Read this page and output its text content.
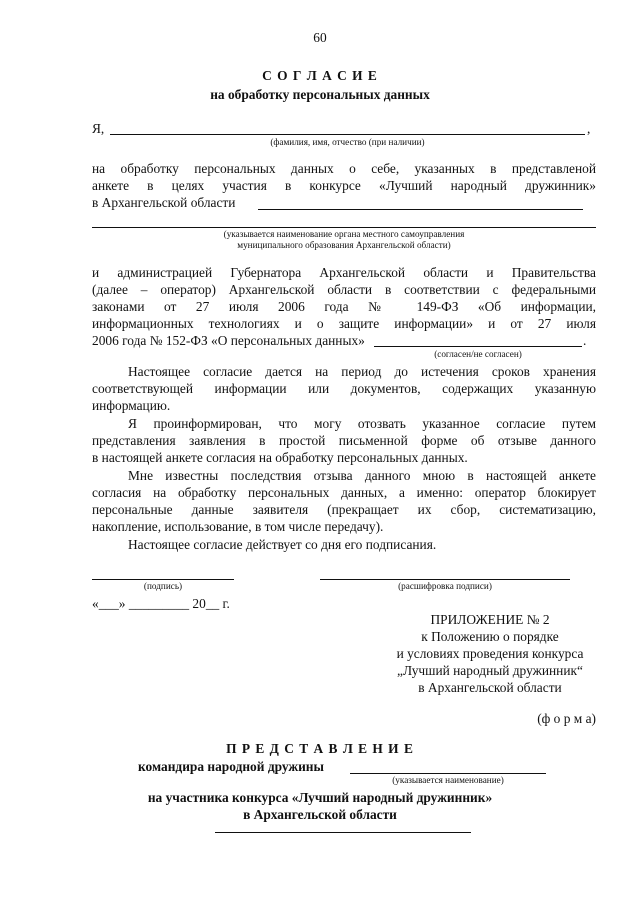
60
С О Г Л А С И Е
на обработку персональных данных
Я,	,
(фамилия, имя, отчество (при наличии)
на обработку персональных данных о себе, указанных в представленой
анкете в целях участия в конкурсе «Лучший народный дружинник»
в Архангельской области
(указывается наименование органа местного самоуправления
муниципального образования Архангельской области)
и администрацией Губернатора Архангельской области и Правительства
(далее – оператор) Архангельской области в соответствии с федеральными
законами от 27 июля 2006 года № 149-ФЗ «Об информации,
информационных технологиях и о защите информации» и от 27 июля
2006 года № 152-ФЗ «О персональных данных»	.
(согласен/не согласен)
Настоящее согласие дается на период до истечения сроков хранения
соответствующей информации или документов, содержащих указанную
информацию.
Я проинформирован, что могу отозвать указанное согласие путем
представления заявления в простой письменной форме об отзыве данного
в настоящей анкете согласия на обработку персональных данных.
Мне известны последствия отзыва данного мною в настоящей анкете
согласия на обработку персональных данных, а именно: оператор блокирует
персональные данные заявителя (прекращает их сбор, систематизацию,
накопление, использование, в том числе передачу).
Настоящее согласие действует со дня его подписания.
(подпись)	(расшифровка подписи)
«___» _________ 20__ г.
ПРИЛОЖЕНИЕ № 2
к Положению о порядке
и условиях проведения конкурса
„Лучший народный дружинник“
в Архангельской области
(ф о р м а)
П Р Е Д С Т А В Л Е Н И Е
командира народной дружины
(указывается наименование)
на участника конкурса «Лучший народный дружинник»
в Архангельской области
